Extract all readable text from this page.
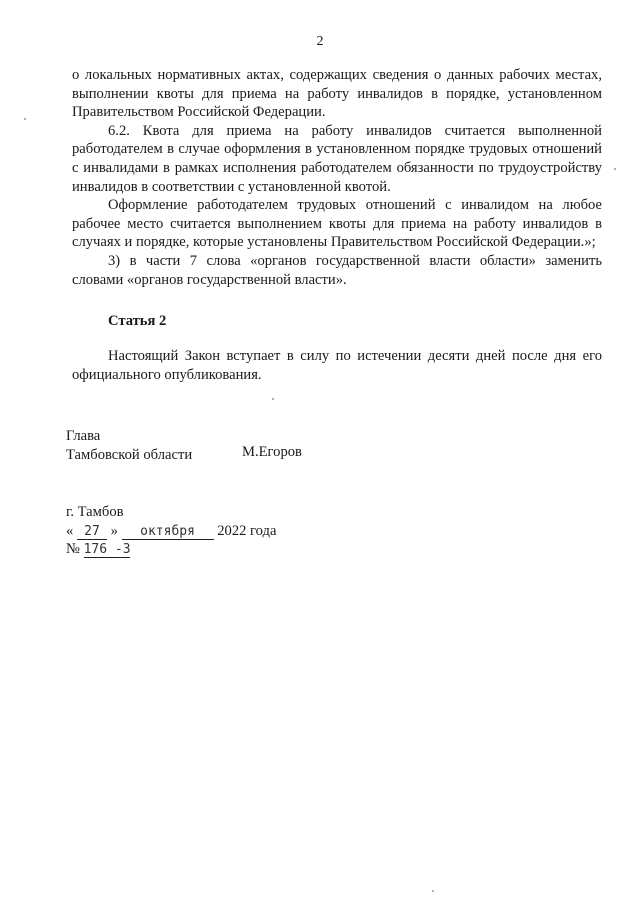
2

о локальных нормативных актах, содержащих сведения о данных рабочих местах, выполнении квоты для приема на работу инвалидов в порядке, установленном Правительством Российской Федерации.

6.2. Квота для приема на работу инвалидов считается выполненной работодателем в случае оформления в установленном порядке трудовых отношений с инвалидами в рамках исполнения работодателем обязанности по трудоустройству инвалидов в соответствии с установленной квотой.

Оформление работодателем трудовых отношений с инвалидом на любое рабочее место считается выполнением квоты для приема на работу инвалидов в случаях и порядке, которые установлены Правительством Российской Федерации.»;

3) в части 7 слова «органов государственной власти области» заменить словами «органов государственной власти».

Статья 2
Настоящий Закон вступает в силу по истечении десяти дней после дня его официального опубликования.
Глава
Тамбовской области	М.Егоров
г. Тамбов
« 27 » октября 2022 года
№ 176 -З
